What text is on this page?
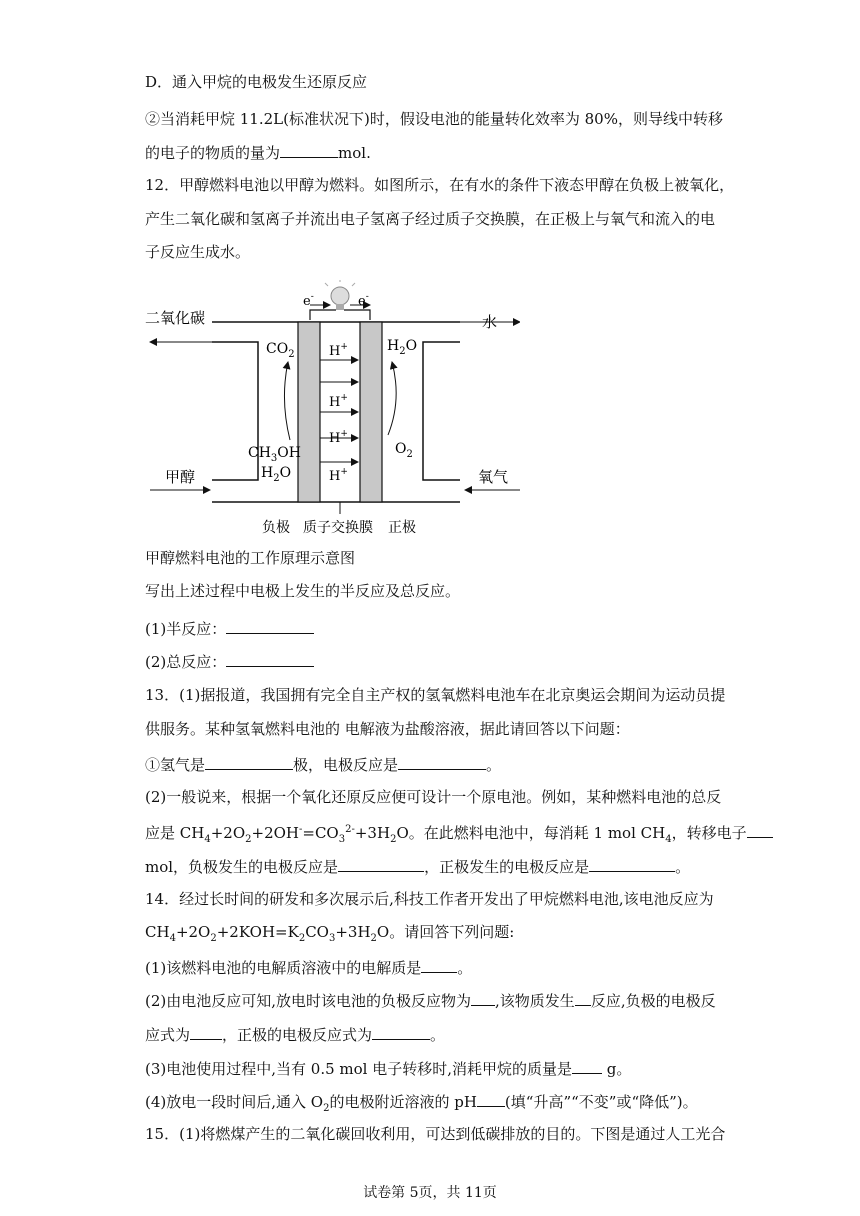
D．通入甲烷的电极发生还原反应
②当消耗甲烷 11.2L(标准状况下)时，假设电池的能量转化效率为 80%，则导线中转移
的电子的物质的量为	mol.
12．甲醇燃料电池以甲醇为燃料。如图所示，在有水的条件下液态甲醇在负极上被氧化，
产生二氧化碳和氢离子并流出电子氢离子经过质子交换膜，在正极上与氧气和流入的电
子反应生成水。
e-	e-
H+
H+
H+
H+
二氧化碳	水
甲醇	氧气
$CO_2$
$CH_3OH$
$H_2O$
$H_2O$
$O_2$
负极 质子交换膜 正极
甲醇燃料电池的工作原理示意图
写出上述过程中电极上发生的半反应及总反应。
(1)半反应：
(2)总反应：
13．(1)据报道，我国拥有完全自主产权的氢氧燃料电池车在北京奥运会期间为运动员提
供服务。某种氢氧燃料电池的 电解液为盐酸溶液，据此请回答以下问题：
①氢气是	极，电极反应是	。
(2)一般说来，根据一个氧化还原反应便可设计一个原电池。例如，某种燃料电池的总反
应是 $CH_4+2O_2+2OH^-=CO_3^{2-}+3H_2O$。在此燃料电池中，每消耗 1 mol $CH_4$，转移电子
mol，负极发生的电极反应是	，正极发生的电极反应是	。
14．经过长时间的研发和多次展示后,科技工作者开发出了甲烷燃料电池,该电池反应为
$CH_4+2O_2+2KOH=K_2CO_3+3H_2O$。请回答下列问题:
(1)该燃料电池的电解质溶液中的电解质是 。
(2)由电池反应可知,放电时该电池的负极反应物为 ,该物质发生 反应,负极的电极反
应式为 ，正极的电极反应式为	。
(3)电池使用过程中,当有 0.5 mol 电子转移时,消耗甲烷的质量是 g。
(4)放电一段时间后,通入 $O_2$的电极附近溶液的 pH (填“升高”“不变”或“降低”)。
15．(1)将燃煤产生的二氧化碳回收利用，可达到低碳排放的目的。下图是通过人工光合
试卷第 5页，共 11页
